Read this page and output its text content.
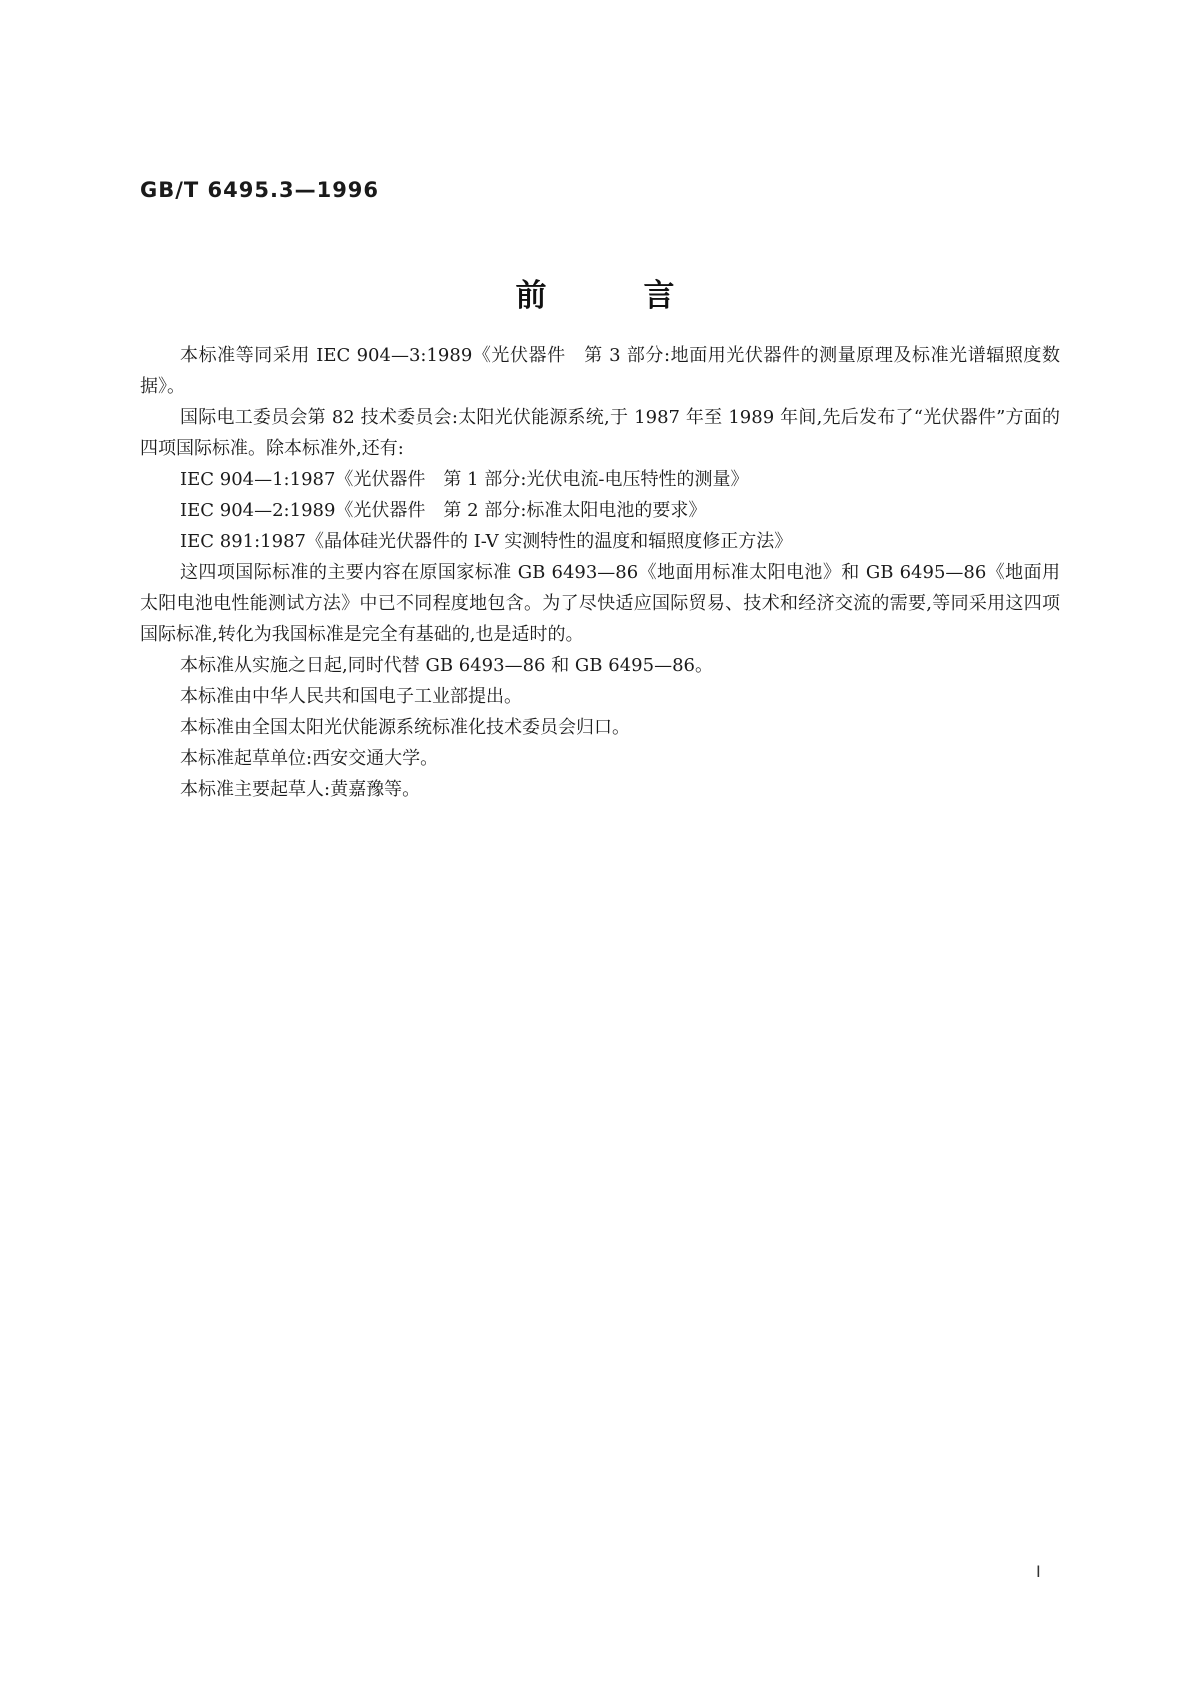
GB/T 6495.3—1996
前	言

本标准等同采用 IEC 904—3:1989《光伏器件　第 3 部分:地面用光伏器件的测量原理及标准光谱辐照度数据》。

国际电工委员会第 82 技术委员会:太阳光伏能源系统,于 1987 年至 1989 年间,先后发布了“光伏器件”方面的四项国际标准。除本标准外,还有:

IEC 904—1:1987《光伏器件　第 1 部分:光伏电流-电压特性的测量》

IEC 904—2:1989《光伏器件　第 2 部分:标准太阳电池的要求》

IEC 891:1987《晶体硅光伏器件的 I-V 实测特性的温度和辐照度修正方法》

这四项国际标准的主要内容在原国家标准 GB 6493—86《地面用标准太阳电池》和 GB 6495—86《地面用太阳电池电性能测试方法》中已不同程度地包含。为了尽快适应国际贸易、技术和经济交流的需要,等同采用这四项国际标准,转化为我国标准是完全有基础的,也是适时的。

本标准从实施之日起,同时代替 GB 6493—86 和 GB 6495—86。

本标准由中华人民共和国电子工业部提出。

本标准由全国太阳光伏能源系统标准化技术委员会归口。

本标准起草单位:西安交通大学。

本标准主要起草人:黄嘉豫等。

I
